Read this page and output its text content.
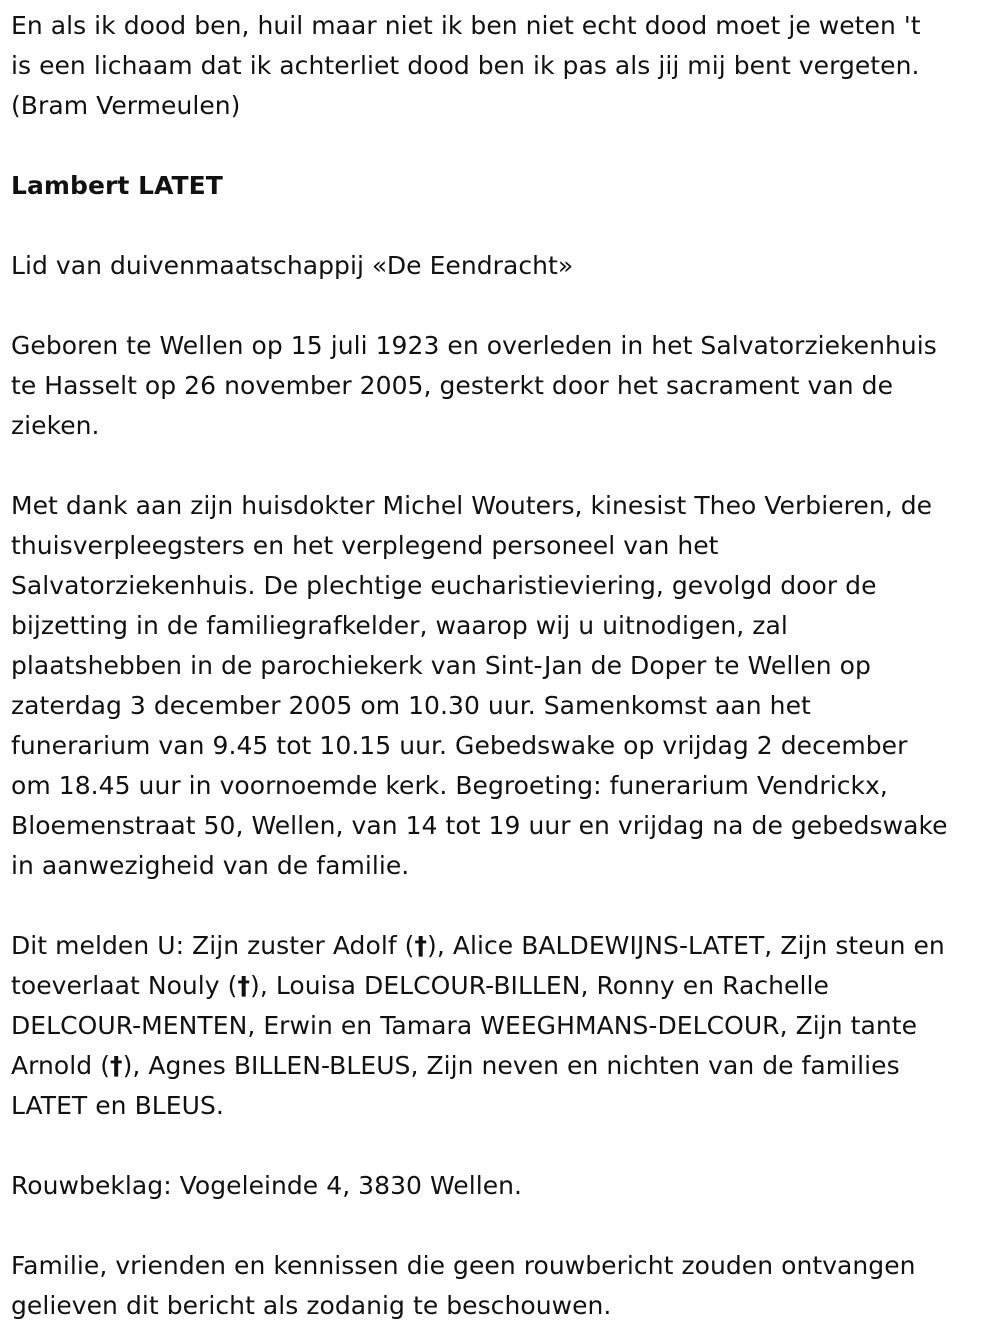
En als ik dood ben, huil maar niet ik ben niet echt dood moet je weten 't
is een lichaam dat ik achterliet dood ben ik pas als jij mij bent vergeten.
(Bram Vermeulen)
Lambert LATET
Lid van duivenmaatschappij «De Eendracht»
Geboren te Wellen op 15 juli 1923 en overleden in het Salvatorziekenhuis
te Hasselt op 26 november 2005, gesterkt door het sacrament van de
zieken.
Met dank aan zijn huisdokter Michel Wouters, kinesist Theo Verbieren, de
thuisverpleegsters en het verplegend personeel van het
Salvatorziekenhuis. De plechtige eucharistieviering, gevolgd door de
bijzetting in de familiegrafkelder, waarop wij u uitnodigen, zal
plaatshebben in de parochiekerk van Sint-Jan de Doper te Wellen op
zaterdag 3 december 2005 om 10.30 uur. Samenkomst aan het
funerarium van 9.45 tot 10.15 uur. Gebedswake op vrijdag 2 december
om 18.45 uur in voornoemde kerk. Begroeting: funerarium Vendrickx,
Bloemenstraat 50, Wellen, van 14 tot 19 uur en vrijdag na de gebedswake
in aanwezigheid van de familie.
Dit melden U: Zijn zuster Adolf (†), Alice BALDEWIJNS-LATET, Zijn steun en
toeverlaat Nouly (†), Louisa DELCOUR-BILLEN, Ronny en Rachelle
DELCOUR-MENTEN, Erwin en Tamara WEEGHMANS-DELCOUR, Zijn tante
Arnold (†), Agnes BILLEN-BLEUS, Zijn neven en nichten van de families
LATET en BLEUS.
Rouwbeklag: Vogeleinde 4, 3830 Wellen.
Familie, vrienden en kennissen die geen rouwbericht zouden ontvangen
gelieven dit bericht als zodanig te beschouwen.
